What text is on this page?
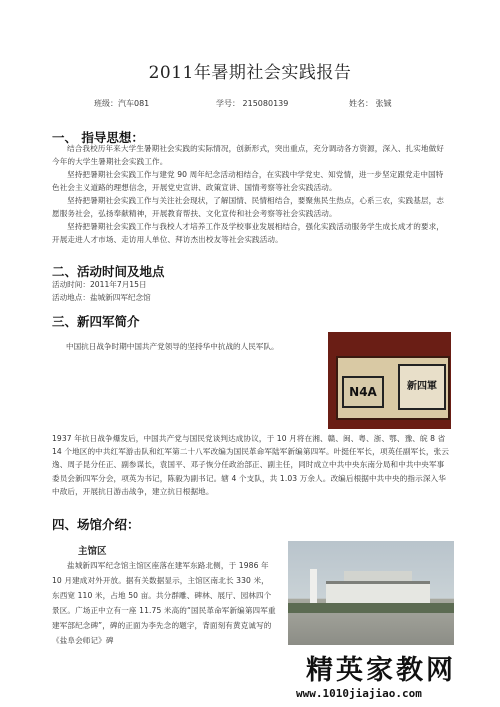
2011年暑期社会实践报告
班级：汽车081	学号： 215080139	姓名： 张铖
一、 指导思想：

结合我校历年来大学生暑期社会实践的实际情况，创新形式，突出重点，充分调动各方资源，深入、扎实地做好今年的大学生暑期社会实践工作。

坚持把暑期社会实践工作与建党 90 周年纪念活动相结合，在实践中学党史、知党情，进一步坚定跟党走中国特色社会主义道路的理想信念，开展党史宣讲、政策宣讲、国情考察等社会实践活动。

坚持把暑期社会实践工作与关注社会现状，了解国情、民情相结合，要聚焦民生热点，心系三农，实践基层，志愿服务社会，弘扬奉献精神，开展教育帮扶、文化宣传和社会考察等社会实践活动。

坚持把暑期社会实践工作与我校人才培养工作及学校事业发展相结合，强化实践活动服务学生成长成才的要求，开展走进人才市场、走访用人单位、拜访杰出校友等社会实践活动。

二、活动时间及地点
活动时间：2011年7月15日
活动地点：盐城新四军纪念馆
三、新四军简介
中国抗日战争时期中国共产党领导的坚持华中抗战的人民军队。
N4A	新四軍

1937 年抗日战争爆发后，中国共产党与国民党谈判达成协议，于 10 月将在湘、赣、闽、粤、浙、鄂、豫、皖 8 省 14 个地区的中共红军游击队和红军第二十八军改编为国民革命军陆军新编第四军。叶挺任军长，项英任副军长，张云逸、周子昆分任正、副参谋长，袁国平、邓子恢分任政治部正、副主任，同时成立中共中央东南分局和中共中央军事委员会新四军分会，项英为书记，陈毅为副书记。辖 4 个支队，共 1.03 万余人。改编后根据中共中央的指示深入华中敌后，开展抗日游击战争，建立抗日根据地。

四、场馆介绍：
主馆区

盐城新四军纪念馆主馆区座落在建军东路北侧，于 1986 年 10 月建成对外开放。据有关数据显示，主馆区南北长 330 米，东西宽 110 米，占地 50 亩。共分群雕、碑林、展厅、园林四个景区。广场正中立有一座 11.75 米高的“国民革命军新编第四军重建军部纪念碑”，碑的正面为李先念的题字，背面刻有黄克诚写的《盐阜会师记》碑

精英家教网
www.1010jiajiao.com
